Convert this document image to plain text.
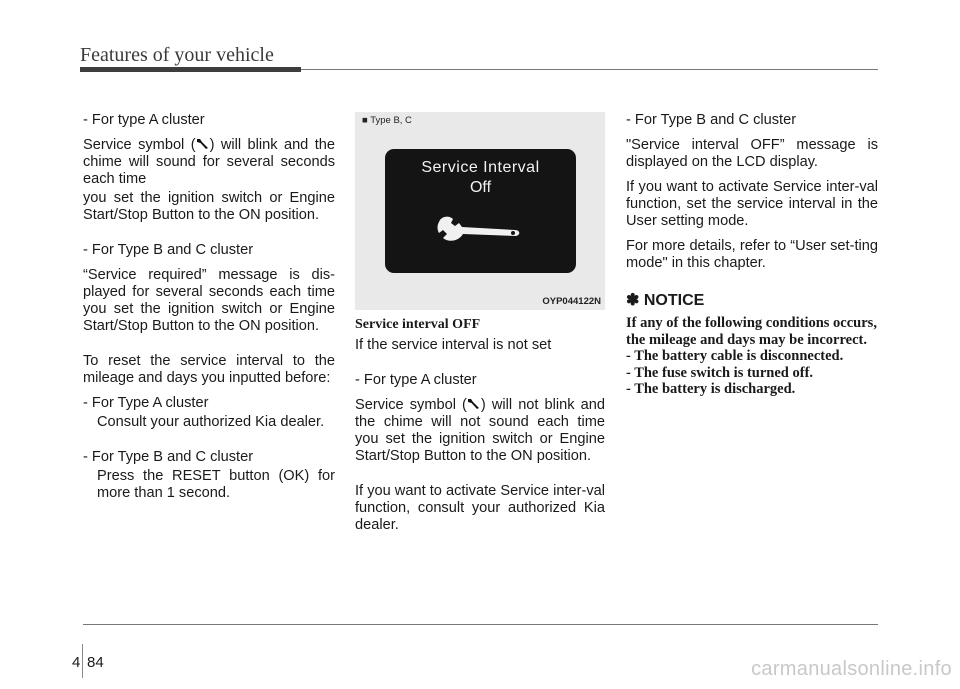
Features of your vehicle

- For type A cluster

Service symbol ( ) will blink and the chime will sound for several seconds each time

you set the ignition switch or Engine Start/Stop Button to the ON position.

- For Type B and C cluster

“Service required” message is dis-played for several seconds each time you set the ignition switch or Engine Start/Stop Button to the ON position.

To reset the service interval to the mileage and days you inputted before:

- For Type A cluster

Consult your authorized Kia dealer.

- For Type B and C cluster

Press the RESET button (OK) for more than 1 second.

■ Type B, C
Service Interval
Off
OYP044122N

Service interval OFF

If the service interval is not set

- For type A cluster

Service symbol ( ) will not blink and the chime will not sound each time you set the ignition switch or Engine Start/Stop Button to the ON position.

If you want to activate Service inter-val function, consult your authorized Kia dealer.

- For Type B and C cluster

"Service interval OFF” message is displayed on the LCD display.

If you want to activate Service inter-val function, set the service interval in the User setting mode.

For more details, refer to “User set-ting mode" in this chapter.

✽ NOTICE

If any of the following conditions occurs, the mileage and days may be incorrect.

- The battery cable is disconnected.

- The fuse switch is turned off.

- The battery is discharged.

4 84	carmanualsonline.info
